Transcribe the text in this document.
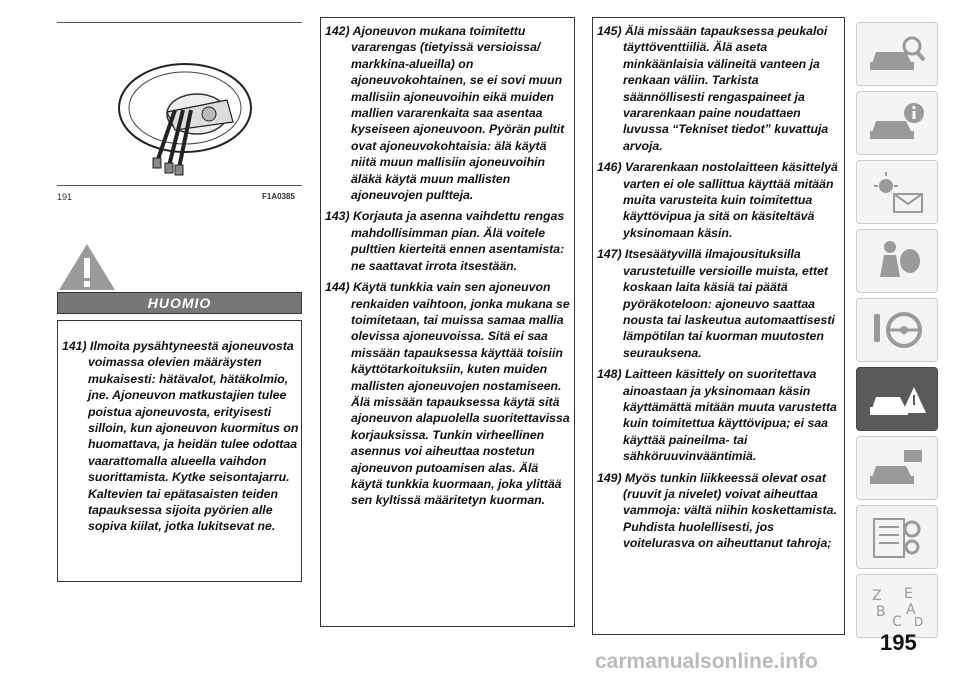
191	F1A0385
HUOMIO

141) Ilmoita pysähtyneestä ajoneuvosta voimassa olevien määräysten mukaisesti: hätävalot, hätäkolmio, jne. Ajoneuvon matkustajien tulee poistua ajoneuvosta, erityisesti silloin, kun ajoneuvon kuormitus on huomattava, ja heidän tulee odottaa vaarattomalla alueella vaihdon suorittamista. Kytke seisontajarru. Kaltevien tai epätasaisten teiden tapauksessa sijoita pyörien alle sopiva kiilat, jotka lukitsevat ne.

142) Ajoneuvon mukana toimitettu vararengas (tietyissä versioissa/ markkina-alueilla) on ajoneuvokohtainen, se ei sovi muun mallisiin ajoneuvoihin eikä muiden mallien vararenkaita saa asentaa kyseiseen ajoneuvoon. Pyörän pultit ovat ajoneuvokohtaisia: älä käytä niitä muun mallisiin ajoneuvoihin äläkä käytä muun mallisten ajoneuvojen pultteja.

143) Korjauta ja asenna vaihdettu rengas mahdollisimman pian. Älä voitele pulttien kierteitä ennen asentamista: ne saattavat irrota itsestään.

144) Käytä tunkkia vain sen ajoneuvon renkaiden vaihtoon, jonka mukana se toimitetaan, tai muissa samaa mallia olevissa ajoneuvoissa. Sitä ei saa missään tapauksessa käyttää toisiin käyttötarkoituksiin, kuten muiden mallisten ajoneuvojen nostamiseen. Älä missään tapauksessa käytä sitä ajoneuvon alapuolella suoritettavissa korjauksissa. Tunkin virheellinen asennus voi aiheuttaa nostetun ajoneuvon putoamisen alas. Älä käytä tunkkia kuormaan, joka ylittää sen kyltissä määritetyn kuorman.

145) Älä missään tapauksessa peukaloi täyttöventtiiliä. Älä aseta minkäänlaisia välineitä vanteen ja renkaan väliin. Tarkista säännöllisesti rengaspaineet ja vararenkaan paine noudattaen luvussa “Tekniset tiedot” kuvattuja arvoja.

146) Vararenkaan nostolaitteen käsittelyä varten ei ole sallittua käyttää mitään muita varusteita kuin toimitettua käyttövipua ja sitä on käsiteltävä yksinomaan käsin.

147) Itsesäätyvillä ilmajousituksilla varustetuille versioille muista, ettet koskaan laita käsiä tai päätä pyöräkoteloon: ajoneuvo saattaa nousta tai laskeutua automaattisesti lämpötilan tai kuorman muutosten seurauksena.

148) Laitteen käsittely on suoritettava ainoastaan ja yksinomaan käsin käyttämättä mitään muuta varustetta kuin toimitettua käyttövipua; ei saa käyttää paineilma- tai sähköruuvinvääntimiä.

149) Myös tunkin liikkeessä olevat osat (ruuvit ja nivelet) voivat aiheuttaa vammoja: vältä niihin koskettamista. Puhdista huolellisesti, jos voitelurasva on aiheuttanut tahroja;

Z E
A
B
C D
195
carmanualsonline.info
